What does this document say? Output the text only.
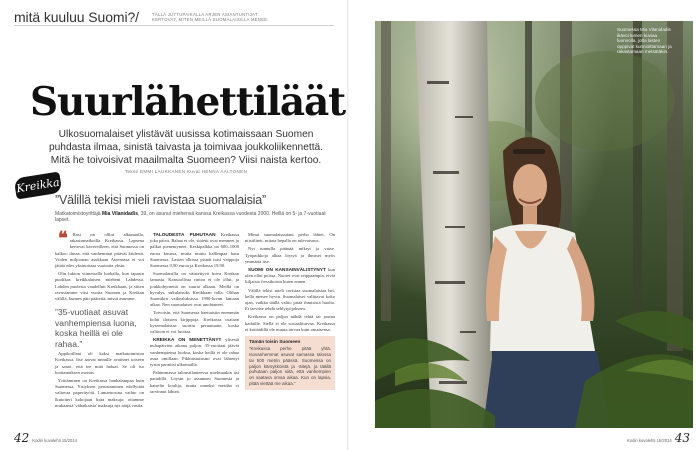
mitä kuuluu Suomi?/	TÄLLÄ JUTTUPAIKALLA ARJEN ASIANTUNTIJAT KERTOVAT, MITEN MEILLÄ SUOMALAISILLA MENEE.
Suurlähettiläät
Ulkosuomalaiset ylistävät uusissa kotimaissaan Suomen puhdasta ilmaa, sinistä taivasta ja toimivaa joukkoliikennettä. Mitä he toivoisivat maailmalta Suomeen? Viisi naista kertoo.
Teksti EMMI LAUKKANEN Kuvat HENNA AALTONEN
Kreikka
”Välillä tekisi mieli ravistaa suomalaisia”
Matkatoimistoyrittäjä Mia Vilanidadis, 39, on asunut miehensä kanssa Kreikassa vuodesta 2000. Heillä on 5- ja 7-vuotiaat lapset.

❝ Rasi on olllut alkumatlla, rakastumatkoilla Kreikassa. Lapsena kertovat kavereilleen, että Suomessa on kalkoo ilmaa, että vanhemmat pitävät kiidestä. Viiden miljoonan asukkaan Ateenassa ei voi jättää edes yksinoistaa vuotiaita yksin.

Olin lukion viimeisellä luokalla, kun tapasin puolikas kreikkalaisen mieheni Lahdessa. Lahden puolesta vaudelluti Kreikkaan, ja sitten ravustamme viisi vuotta Suomen ja Kreikan välillä, kunnes päti päätetiä, missä asumme.

”35-vuotiaat asuvat vanhempiensa luona, koska heillä ei ole rahaa.”

Appikoillani oli kaksi matkatoimistoa Kreikassa. Itse aarvat minulle avainnet toiseen ja sanoi, että tee mitä haluat. Se oli iso luottamuksen osoitus.

Yrittäminen on Kreikassa hankalampaa kuin Suomessa. Yrityksen perustaminen edellyttää valtavaa paperityötä. Lamaruosina vaihto on lkutoiteri kokojaan lisää maksuja; ottamme mukaansä 'vähatkaisia' maksuja nyt näijä vastta.

TALOUDESTA PUHUTAAN Kreikassa joka päivä. Rahaa ei ole, sitäetit ovat menneet ja palkat pienentyneet. Keskipalkka on 600–1000 euroa kuussa, mutta muttu kallimpaa kuin Suomessa. Lasten olkissa pisnäi toisi vaippoja Suomessa 9,90 euroa ja Kreikassa 19,90.

Suomalaisilla on väistettyvä kuva Kreikan lamasta. Kansoollista rintoa ei ole ollut, ja joukkohyrnettä on suuria alkaan. Meillä on hyvalys, sukulaisuks Kreikkaan tulla. Olihan Suomikin vaikealuksissa 1990-luvun lamaan aikaa. Nen suomalaiset ovat unohtaneet.

Toivoisin, että Suomessa haettaisiin enemmän kohti iloisten kirjippoja. Kreikassa osataan kyseenalaistaa suoritu peruumatte, koska valtioon ei voi luottaa.

KREIKKA ON MENETTÄNYT ylisestä nuhapäivien aikana paljon. 35-vuotiaat jäävät vanhempiensa luoksa, koska heillä ei ole rahaa asua omillaan. Pikkuistutusmi ovat lähtenyt tyriin paratiisi ulkomailla.

Pahimmassa taloustilanteessa mielmaukin äsi parädillä. Löysin jo assunneo Suomesta ja katselin koulija, mutta onneksi meidän ei tarvinnut lähteä.

Minut suomalaisuutani perho lähtet. On niistilitett, mitata hepalla on tulevaisuus.

Nyt tunnulla pitänää mikryt ja vaise. Työpaikkoja alkaa löytyä ja ihmiset myös ymmärtä itse.

SUOMI ON KANSAINVÄLISTYNYT kun olen ollut poissa. Nuoret ovat reippaampia, eivät liiljaisia fressikoista kuten ennen.

Välillä tekisi mieli ravistaa suomalaisiaa hei, kellä menee hyvin. Suomalaiset valittavat koko ajan, vaikka täällä valtio pitää ihmisistä huolta. Et tarvitse tehdä sehlytyöjoksem.

Kreikassa on paljon nähdä tehtä tai joutua kaduille. Siellä ei ole sosiaaliturvaa. Kreikassa ei kotiäidillä ole muuta turvaa kuin omaisensa.

Tämän toisin Suomeen
”Kreikassa perhe pitää yhtä. Isovanhemmat asuvat samassa talossa tai 500 metrin päässä. Suomessa on paljon kärsykköistä ja -äitejä, ja täällä puhutaan paljon siitä, että vanhempien on saatava omaa aikaa. Kun on lapsia, pitää viettää me aikaa.”
42 Kodin kuvalehti 15/2014
Suomessa Mia Vilanidadis ikävoi lumen kuviaa luonnolla, jotta lasten opppivat kunnioittamaan ja rakastamaan metsätäkin.
Kodin kuvalehti 15/2014 43
